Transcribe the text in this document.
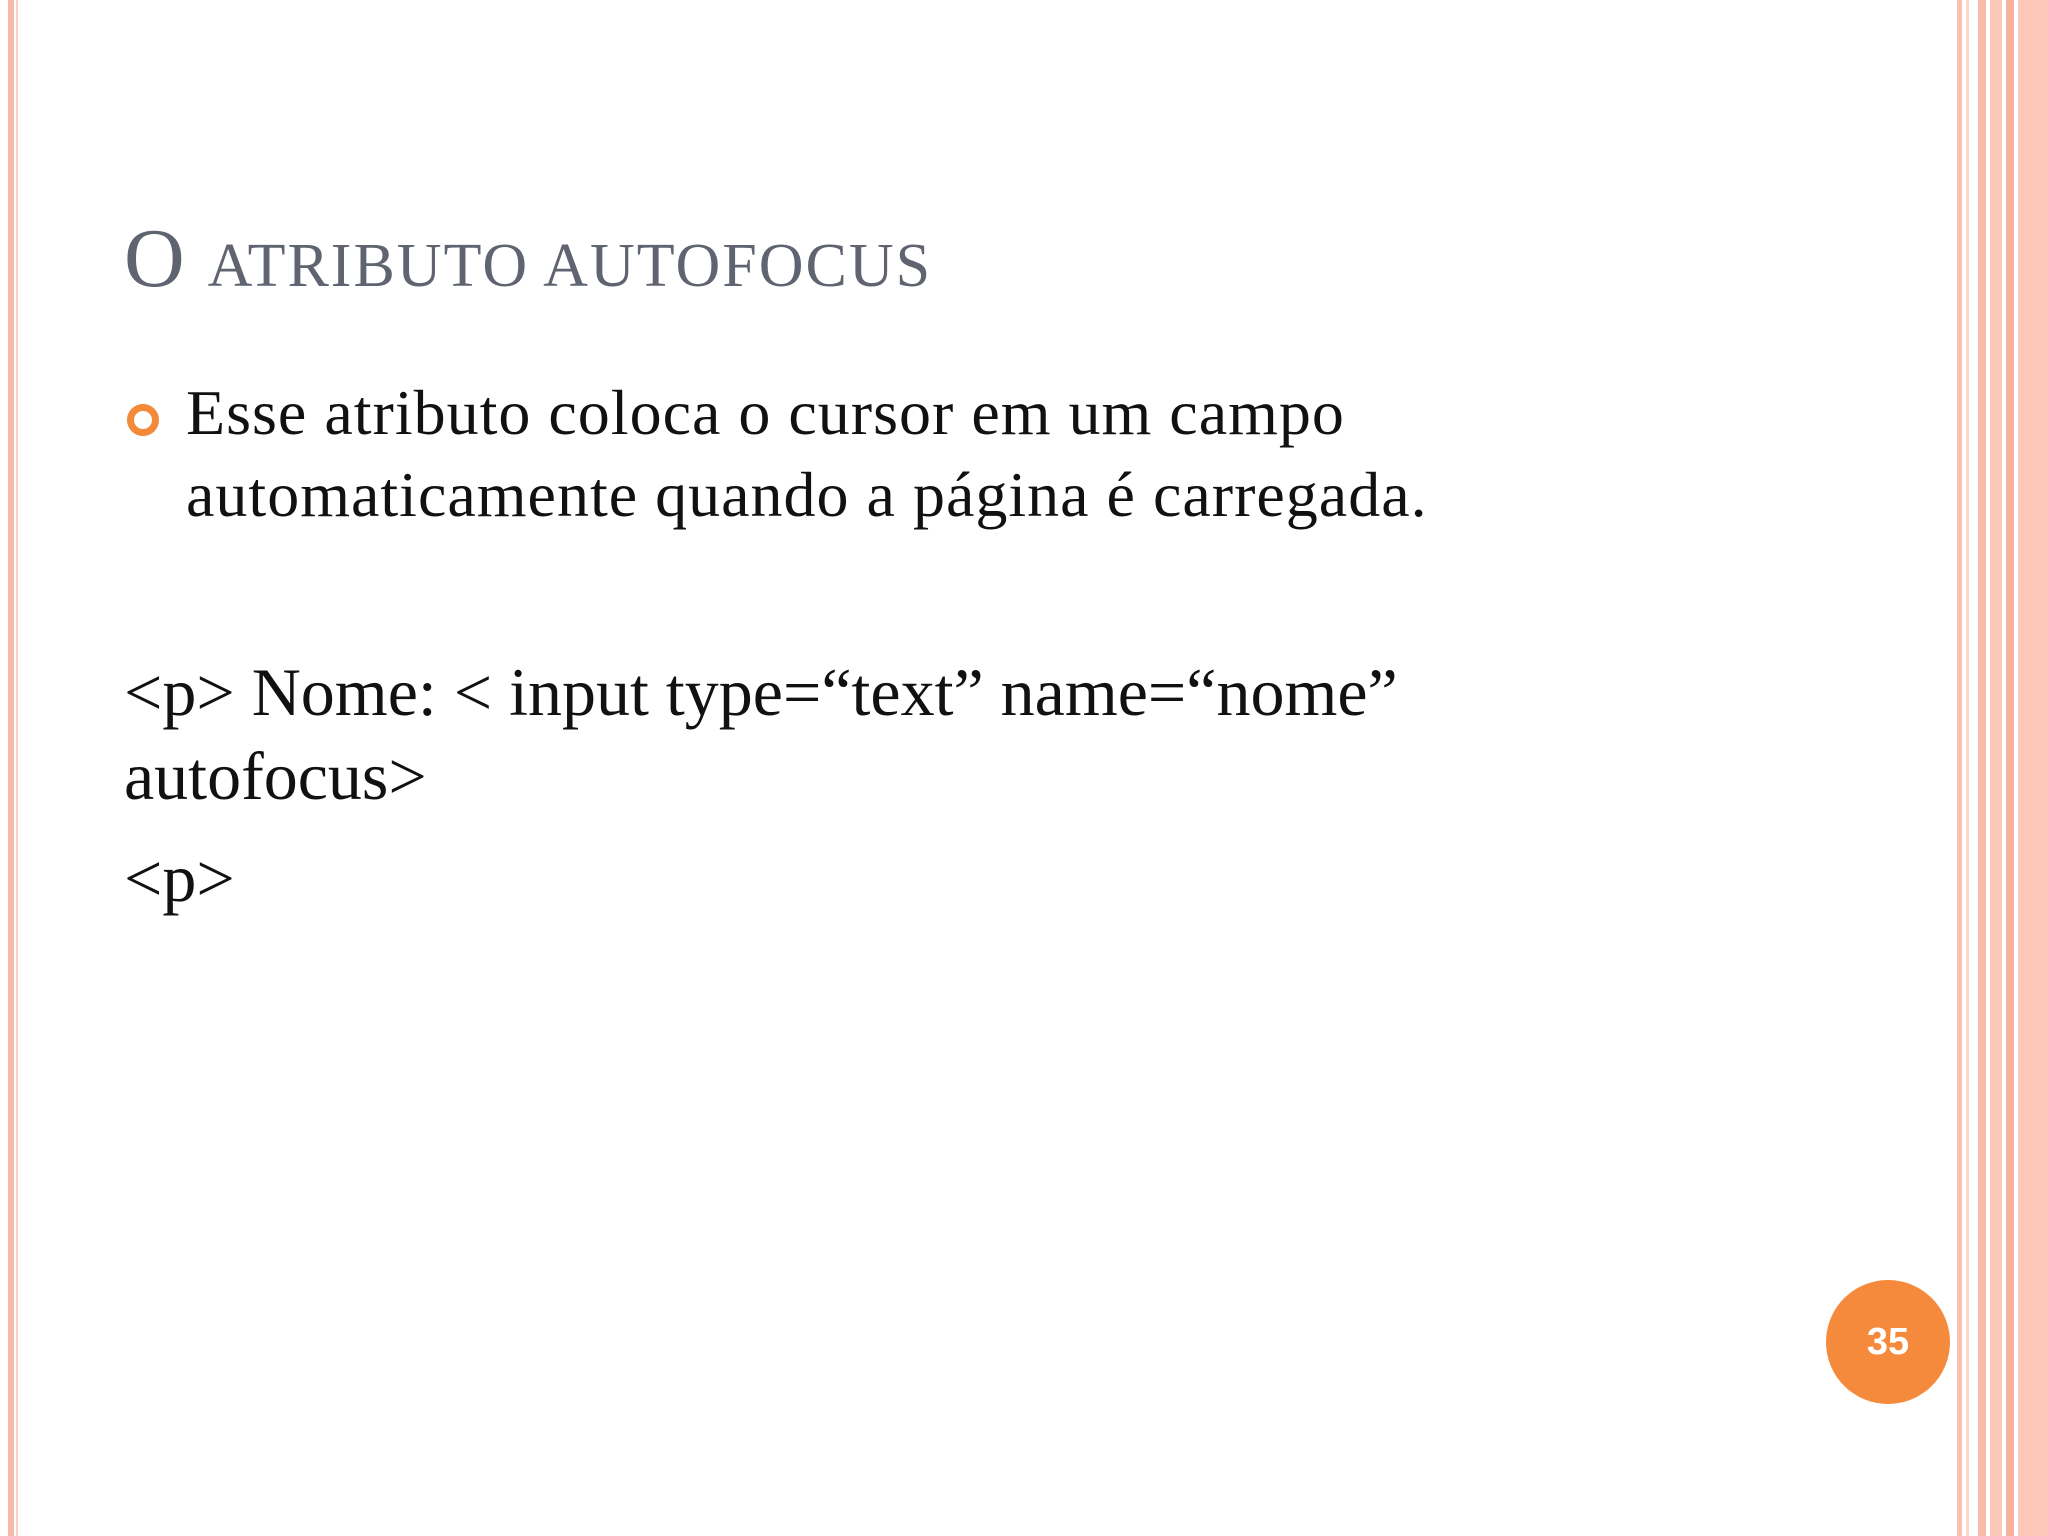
O ATRIBUTO AUTOFOCUS
Esse atributo coloca o cursor em um campo
automaticamente quando a página é carregada.
<p> Nome: < input type=“text” name=“nome”
autofocus>
<p>
35
